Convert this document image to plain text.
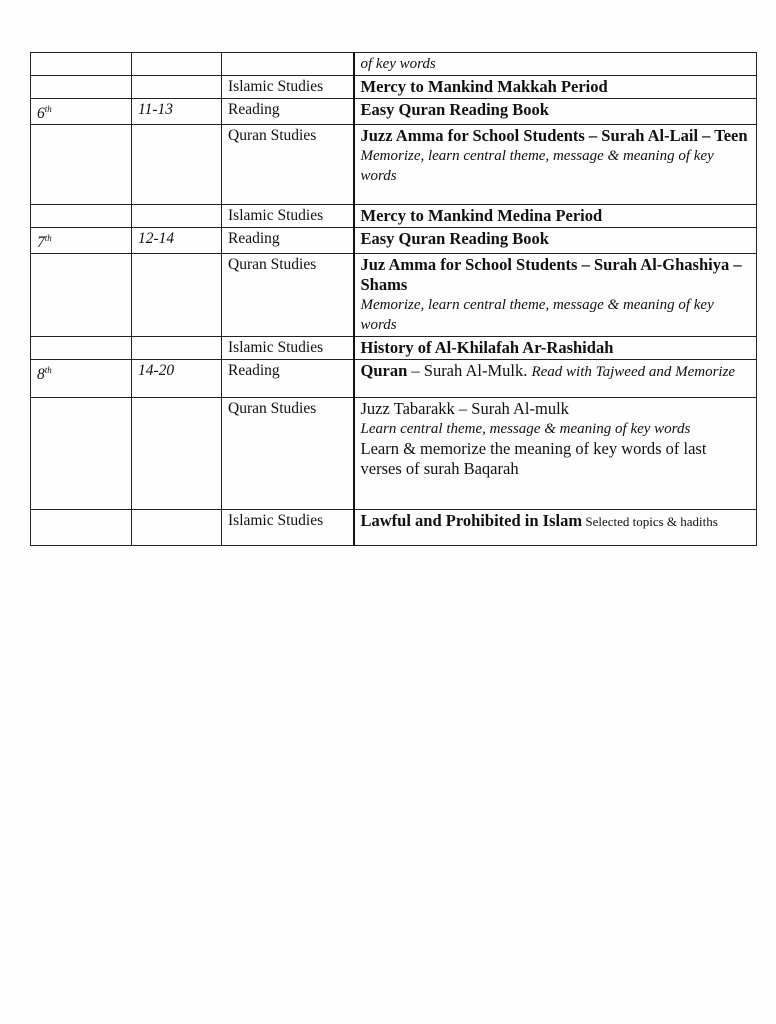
			of key words

		Islamic Studies	Mercy to Mankind Makkah Period

6th	11-13	Reading	Easy Quran Reading Book

		Quran Studies	Juzz Amma for School Students – Surah Al-Lail – Teen
Memorize, learn central theme, message & meaning of key words

		Islamic Studies	Mercy to Mankind Medina Period

7th	12-14	Reading	Easy Quran Reading Book

		Quran Studies	Juz Amma for School Students – Surah Al-Ghashiya – Shams
Memorize, learn central theme, message & meaning of key words

		Islamic Studies	History of Al-Khilafah Ar-Rashidah

8th	14-20	Reading	Quran – Surah Al-Mulk. Read with Tajweed and Memorize

		Quran Studies	Juzz Tabarakk – Surah Al-mulk
Learn central theme, message & meaning of key words
Learn & memorize the meaning of key words of last verses of surah Baqarah

		Islamic Studies	Lawful and Prohibited in Islam Selected topics & hadiths
